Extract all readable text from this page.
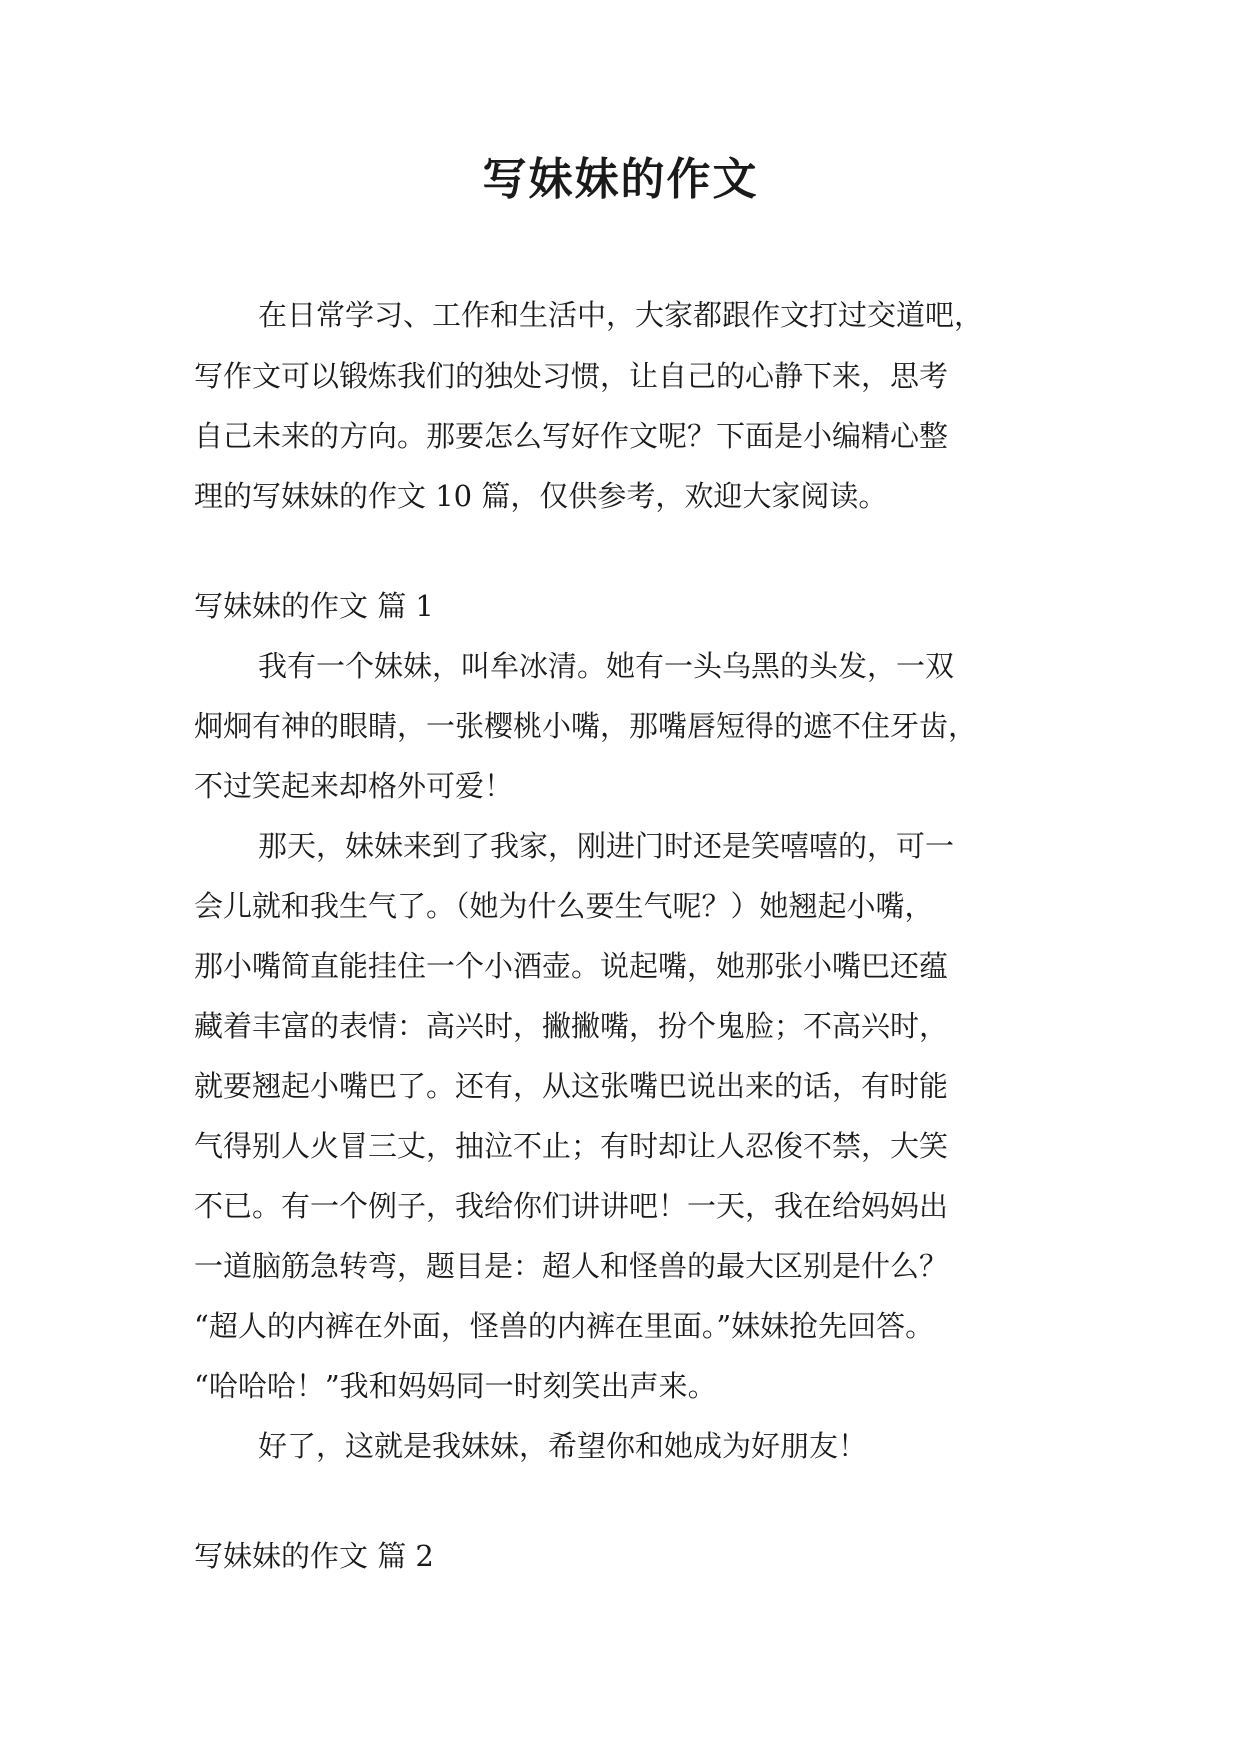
写妹妹的作文
在日常学习、工作和生活中，大家都跟作文打过交道吧，
写作文可以锻炼我们的独处习惯，让自己的心静下来，思考
自己未来的方向。那要怎么写好作文呢？下面是小编精心整
理的写妹妹的作文 10 篇，仅供参考，欢迎大家阅读。
写妹妹的作文 篇 1
我有一个妹妹，叫牟冰清。她有一头乌黑的头发，一双
炯炯有神的眼睛，一张樱桃小嘴，那嘴唇短得的遮不住牙齿，
不过笑起来却格外可爱！
那天，妹妹来到了我家，刚进门时还是笑嘻嘻的，可一
会儿就和我生气了。（她为什么要生气呢？）她翘起小嘴，
那小嘴简直能挂住一个小酒壶。说起嘴，她那张小嘴巴还蕴
藏着丰富的表情：高兴时，撇撇嘴，扮个鬼脸；不高兴时，
就要翘起小嘴巴了。还有，从这张嘴巴说出来的话，有时能
气得别人火冒三丈，抽泣不止；有时却让人忍俊不禁，大笑
不已。有一个例子，我给你们讲讲吧！一天，我在给妈妈出
一道脑筋急转弯，题目是：超人和怪兽的最大区别是什么？
“超人的内裤在外面，怪兽的内裤在里面。”妹妹抢先回答。
“哈哈哈！”我和妈妈同一时刻笑出声来。
好了，这就是我妹妹，希望你和她成为好朋友！
写妹妹的作文 篇 2
